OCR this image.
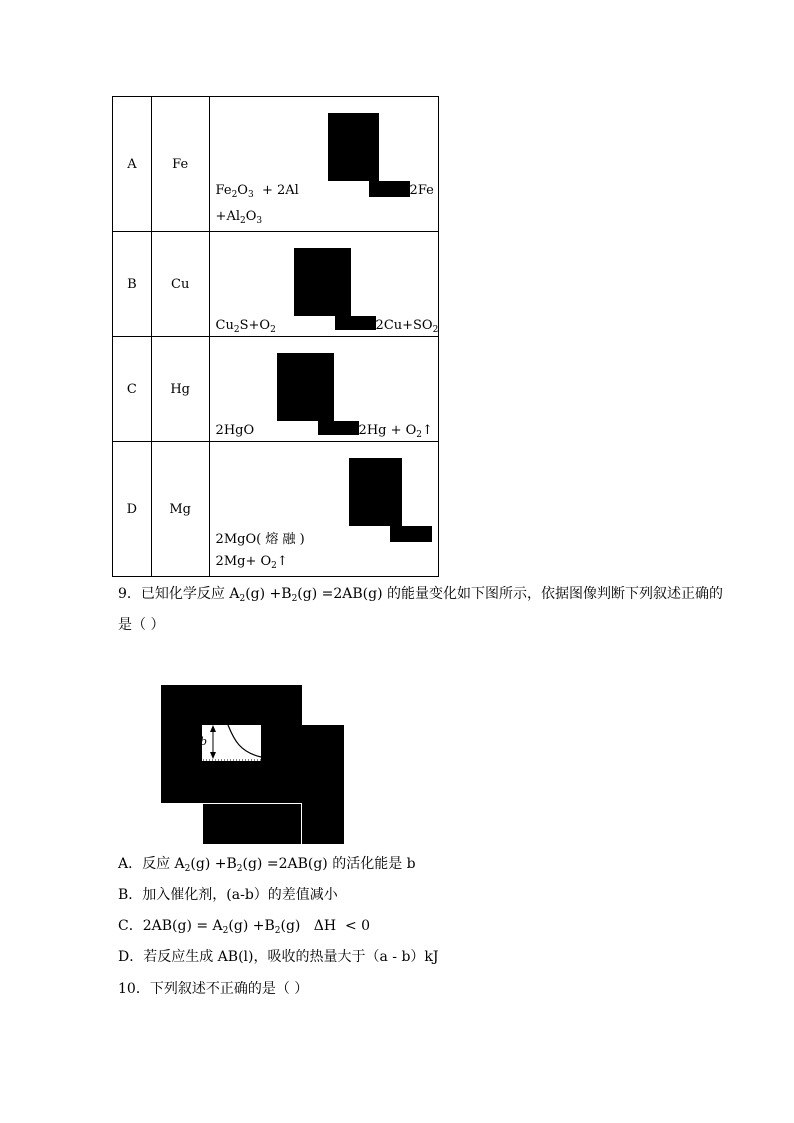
A	Fe	$Fe_2O_3 + 2Al$ 2Fe
$+Al_2O_3$

B	Cu	$Cu_2S+O_2$ $2Cu+SO_2$

C	Hg	2HgO $2Hg + O_2↑$

D	Mg	2MgO( 熔 融 )
$2Mg+ O_2↑$
9．已知化学反应 $A_2(g) +B_2(g) =2AB(g)$ 的能量变化如下图所示，依据图像判断下列叙述正确的
是（ ）
b
A．反应 $A_2(g) +B_2(g) =2AB(g)$ 的活化能是 b
B．加入催化剂，(a-b）的差值减小
C．$2AB(g) = A_2(g) +B_2(g) \Delta H < 0$
D．若反应生成 AB(l)，吸收的热量大于（a - b）kJ
10．下列叙述不正确的是（ ）
